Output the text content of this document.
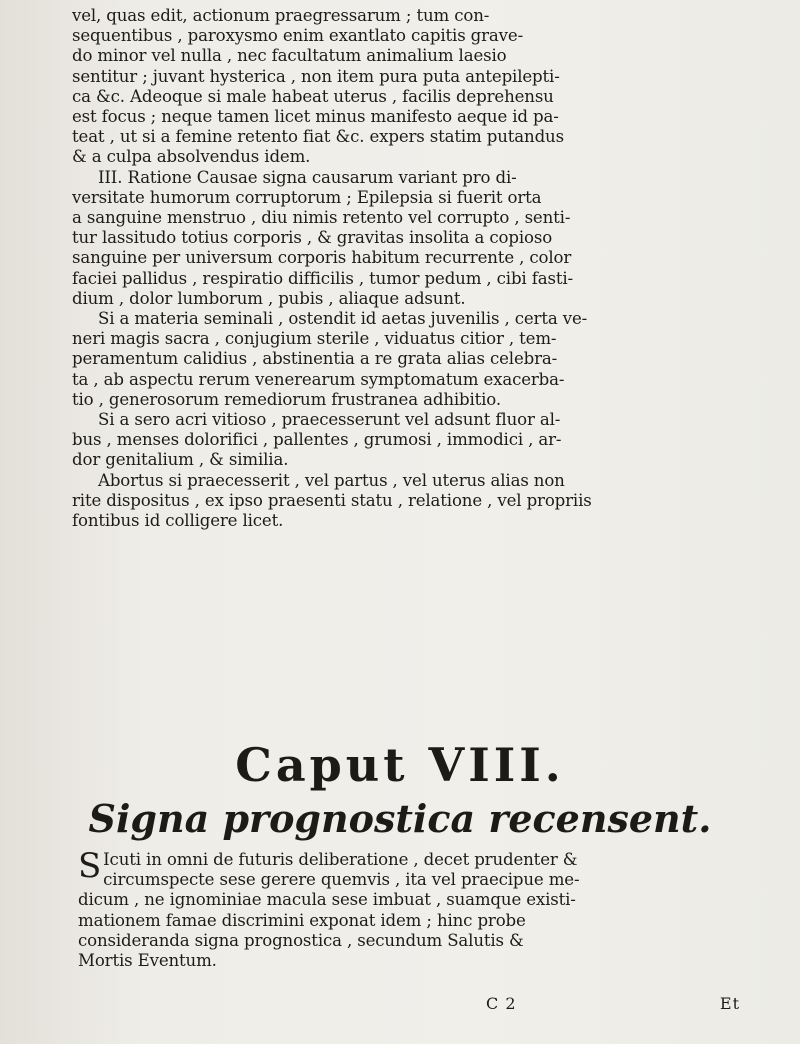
vel, quas edit, actionum praegressarum ; tum con-
sequentibus , paroxysmo enim exantlato capitis grave-
do minor vel nulla , nec facultatum animalium laesio
sentitur ; juvant hysterica , non item pura puta antepilepti-
ca &c. Adeoque si male habeat uterus , facilis deprehensu
est focus ; neque tamen licet minus manifesto aeque id pa-
teat , ut si a femine retento fiat &c. expers statim putandus
& a culpa absolvendus idem.
III. Ratione Causae signa causarum variant pro di-
versitate humorum corruptorum ; Epilepsia si fuerit orta
a sanguine menstruo , diu nimis retento vel corrupto , senti-
tur lassitudo totius corporis , & gravitas insolita a copioso
sanguine per universum corporis habitum recurrente , color
faciei pallidus , respiratio difficilis , tumor pedum , cibi fasti-
dium , dolor lumborum , pubis , aliaque adsunt.
Si a materia seminali , ostendit id aetas juvenilis , certa ve-
neri magis sacra , conjugium sterile , viduatus citior , tem-
peramentum calidius , abstinentia a re grata alias celebra-
ta , ab aspectu rerum venerearum symptomatum exacerba-
tio , generosorum remediorum frustranea adhibitio.
Si a sero acri vitioso , praecesserunt vel adsunt fluor al-
bus , menses dolorifici , pallentes , grumosi , immodici , ar-
dor genitalium , & similia.
Abortus si praecesserit , vel partus , vel uterus alias non
rite dispositus , ex ipso praesenti statu , relatione , vel propriis
fontibus id colligere licet.
Caput VIII.
Signa prognostica recensent.
S Icuti in omni de futuris deliberatione , decet prudenter &
circumspecte sese gerere quemvis , ita vel praecipue me-
dicum , ne ignominiae macula sese imbuat , suamque existi-
mationem famae discrimini exponat idem ; hinc probe
consideranda signa prognostica , secundum Salutis &
Mortis Eventum.
C 2	Et
